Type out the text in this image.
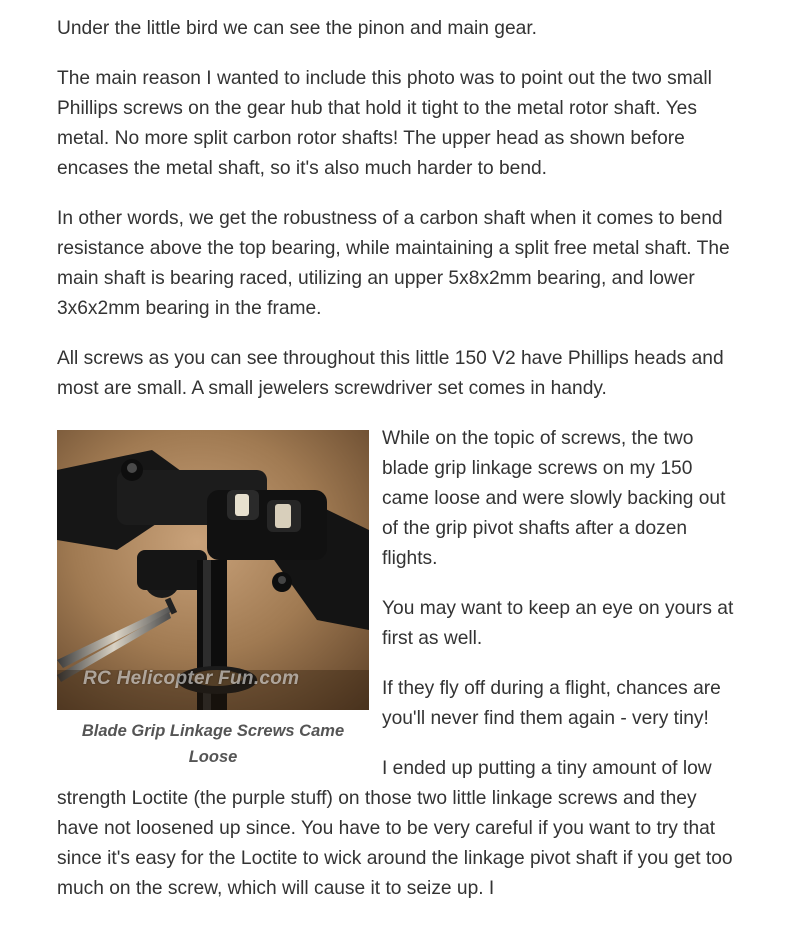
Under the little bird we can see the pinon and main gear.

The main reason I wanted to include this photo was to point out the two small Phillips screws on the gear hub that hold it tight to the metal rotor shaft. Yes metal. No more split carbon rotor shafts! The upper head as shown before encases the metal shaft, so it's also much harder to bend.

In other words, we get the robustness of a carbon shaft when it comes to bend resistance above the top bearing, while maintaining a split free metal shaft. The main shaft is bearing raced, utilizing an upper 5x8x2mm bearing, and lower 3x6x2mm bearing in the frame.

All screws as you can see throughout this little 150 V2 have Phillips heads and most are small. A small jewelers screwdriver set comes in handy.

RC Helicopter Fun.com
Blade Grip Linkage Screws Came Loose

While on the topic of screws, the two blade grip linkage screws on my 150 came loose and were slowly backing out of the grip pivot shafts after a dozen flights.

You may want to keep an eye on yours at first as well.

If they fly off during a flight, chances are you'll never find them again - very tiny!

I ended up putting a tiny amount of low strength Loctite (the purple stuff) on those two little linkage screws and they have not loosened up since. You have to be very careful if you want to try that since it's easy for the Loctite to wick around the linkage pivot shaft if you get too much on the screw, which will cause it to seize up. I
